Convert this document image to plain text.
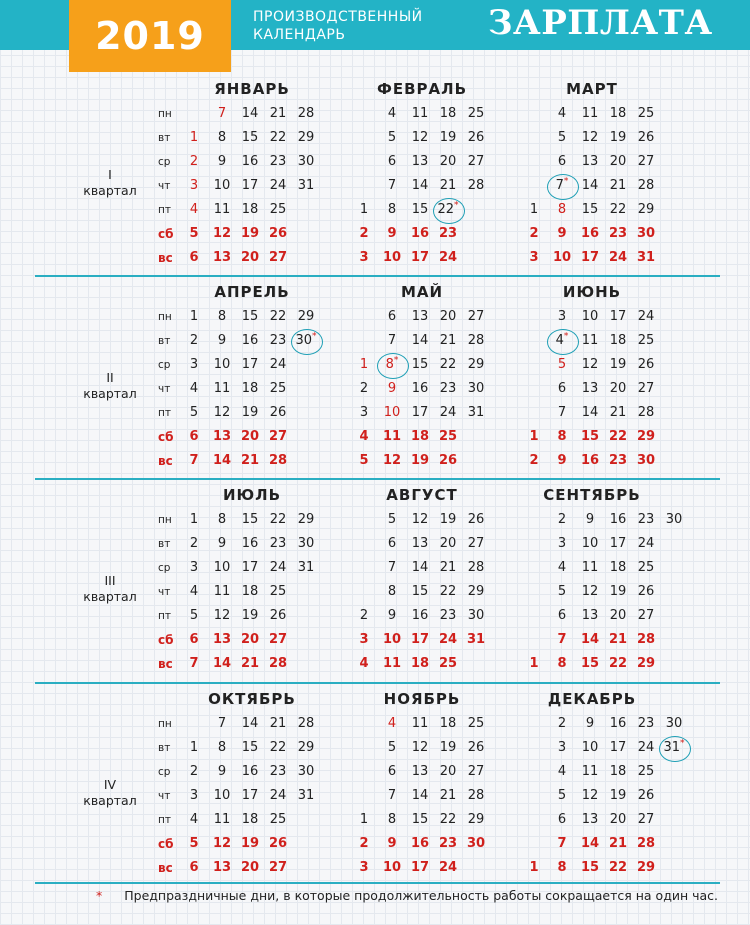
2019	ПРОИЗВОДСТВЕННЫЙ
КАЛЕНДАРЬ	ЗАРПЛАТА
I
квартал
пн
вт
ср
чт
пт
сб
вс
ЯНВАРЬ
1
2
3
4
5
6
7
8
9
10
11
12
13
14
15
16
17
18
19
20
21
22
23
24
25
26
27
28
29
30
31
ФЕВРАЛЬ
1
2
3
4
5
6
7
8
9
10
11
12
13
14
15
16
17
18
19
20
21
22*
23
24
25
26
27
28
МАРТ
1
2
3
4
5
6
7*
8
9
10
11
12
13
14
15
16
17
18
19
20
21
22
23
24
25
26
27
28
29
30
31
II
квартал
пн
вт
ср
чт
пт
сб
вс
АПРЕЛЬ
1
2
3
4
5
6
7
8
9
10
11
12
13
14
15
16
17
18
19
20
21
22
23
24
25
26
27
28
29
30*
МАЙ
1
2
3
4
5
6
7
8*
9
10
11
12
13
14
15
16
17
18
19
20
21
22
23
24
25
26
27
28
29
30
31
ИЮНЬ
1
2
3
4*
5
6
7
8
9
10
11
12
13
14
15
16
17
18
19
20
21
22
23
24
25
26
27
28
29
30
III
квартал
пн
вт
ср
чт
пт
сб
вс
ИЮЛЬ
1
2
3
4
5
6
7
8
9
10
11
12
13
14
15
16
17
18
19
20
21
22
23
24
25
26
27
28
29
30
31
АВГУСТ
2
3
4
5
6
7
8
9
10
11
12
13
14
15
16
17
18
19
20
21
22
23
24
25
26
27
28
29
30
31
СЕНТЯБРЬ
1
2
3
4
5
6
7
8
9
10
11
12
13
14
15
16
17
18
19
20
21
22
23
24
25
26
27
28
29
30
IV
квартал
пн
вт
ср
чт
пт
сб
вс
ОКТЯБРЬ
1
2
3
4
5
6
7
8
9
10
11
12
13
14
15
16
17
18
19
20
21
22
23
24
25
26
27
28
29
30
31
НОЯБРЬ
1
2
3
4
5
6
7
8
9
10
11
12
13
14
15
16
17
18
19
20
21
22
23
24
25
26
27
28
29
30
ДЕКАБРЬ
1
2
3
4
5
6
7
8
9
10
11
12
13
14
15
16
17
18
19
20
21
22
23
24
25
26
27
28
29
30
31*
* Предпраздничные дни, в которые продолжительность работы сокращается на один час.
